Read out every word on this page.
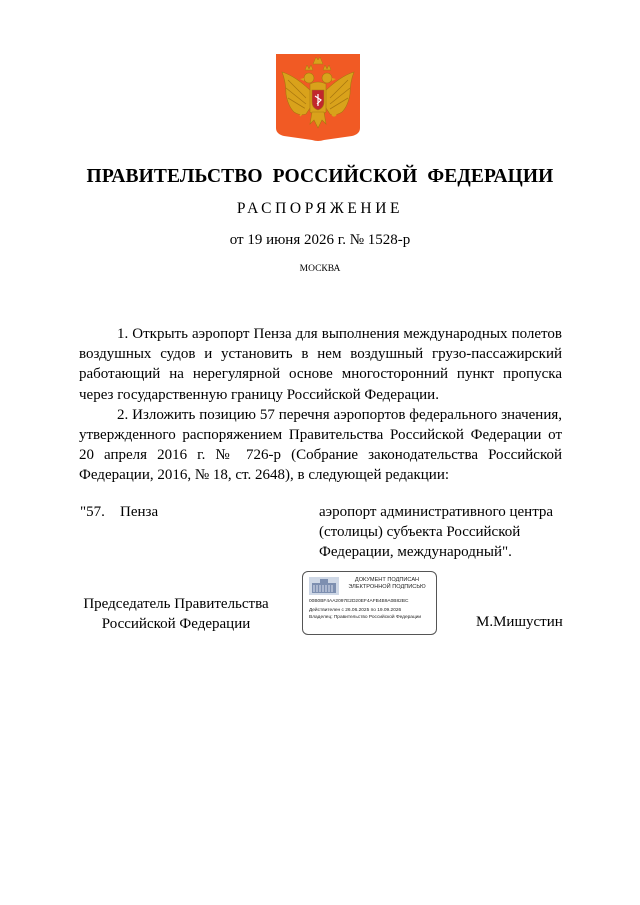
ПРАВИТЕЛЬСТВО РОССИЙСКОЙ ФЕДЕРАЦИИ
РАСПОРЯЖЕНИЕ
от 19 июня 2026 г. № 1528-р
МОСКВА

1. Открыть аэропорт Пенза для выполнения международных полетов воздушных судов и установить в нем воздушный грузо-пассажирский работающий на нерегулярной основе многосторонний пункт пропуска через государственную границу Российской Федерации.

2. Изложить позицию 57 перечня аэропортов федерального значения, утвержденного распоряжением Правительства Российской Федерации от 20 апреля 2016 г. № 726-р (Собрание законодательства Российской Федерации, 2016, № 18, ст. 2648), в следующей редакции:

"57. Пенза	аэропорт административного центра (столицы) субъекта Российской Федерации, международный".
Председатель Правительства Российской Федерации
ДОКУМЕНТ ПОДПИСАН ЭЛЕКТРОННОЙ ПОДПИСЬЮ
00B0BF4AA2097E2D20EF4AFB4B9A0B82BC
Действителен с 26.06.2025 по 19.09.2026
Владелец: Правительство Российской Федерации	М.Мишустин
